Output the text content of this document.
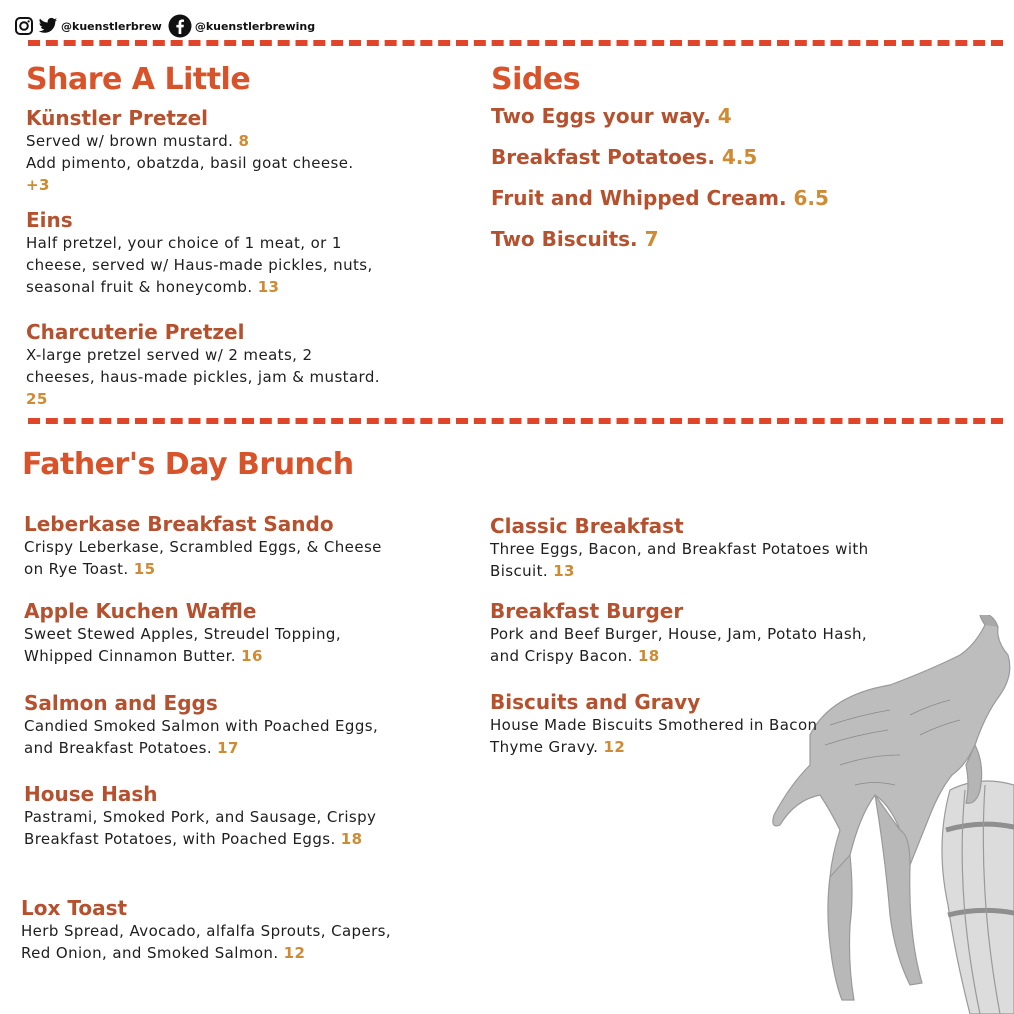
@kuenstlerbrew	@kuenstlerbrewing
Share A Little
Künstler Pretzel
Served w/ brown mustard. 8
Add pimento, obatzda, basil goat cheese.
+3
Eins
Half pretzel, your choice of 1 meat, or 1 cheese, served w/ Haus-made pickles, nuts, seasonal fruit & honeycomb. 13
Charcuterie Pretzel
X-large pretzel served w/ 2 meats, 2 cheeses, haus-made pickles, jam & mustard. 25
Sides
Two Eggs your way. 4
Breakfast Potatoes. 4.5
Fruit and Whipped Cream. 6.5
Two Biscuits. 7
Father's Day Brunch
Leberkase Breakfast Sando
Crispy Leberkase, Scrambled Eggs, & Cheese on Rye Toast. 15
Apple Kuchen Waffle
Sweet Stewed Apples, Streudel Topping, Whipped Cinnamon Butter. 16
Salmon and Eggs
Candied Smoked Salmon with Poached Eggs, and Breakfast Potatoes. 17
House Hash
Pastrami, Smoked Pork, and Sausage, Crispy Breakfast Potatoes, with Poached Eggs. 18
Lox Toast
Herb Spread, Avocado, alfalfa Sprouts, Capers, Red Onion, and Smoked Salmon. 12
Classic Breakfast
Three Eggs, Bacon, and Breakfast Potatoes with Biscuit. 13
Breakfast Burger
Pork and Beef Burger, House, Jam, Potato Hash, and Crispy Bacon. 18
Biscuits and Gravy
House Made Biscuits Smothered in Bacon Thyme Gravy. 12
